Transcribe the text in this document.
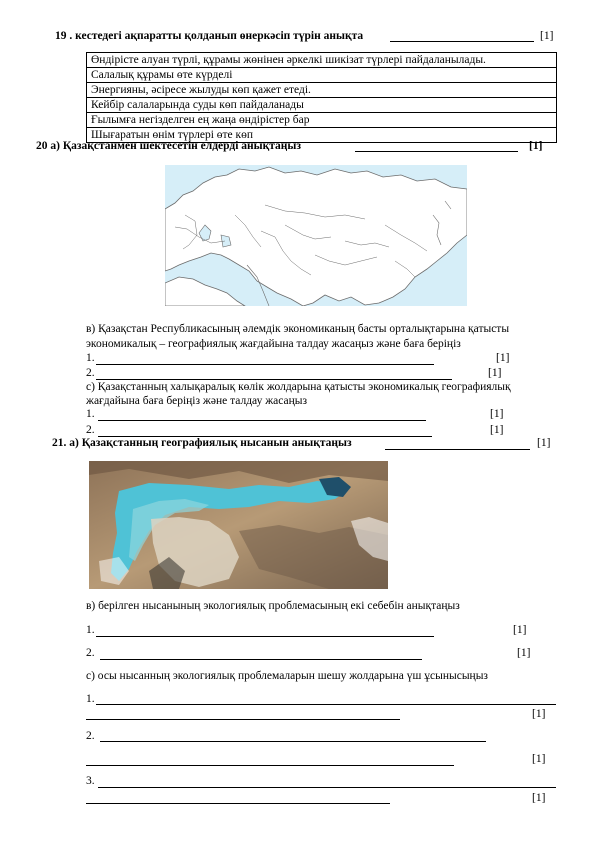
19 . кестедегі ақпаратты қолданып өнеркәсіп түрін анықта	[1]
Өндірісте алуан түрлі, құрамы жөнінен әркелкі шикізат түрлері пайдаланылады.
Салалық құрамы өте күрделі
Энергияны, әсіресе жылуды көп қажет етеді.
Кейбір салаларында суды көп пайдаланады
Ғылымға негізделген ең жаңа өндірістер бар
Шығаратын өнім түрлері өте көп
20 а) Қазақстанмен шектесетін елдерді анықтаңыз	[1]
в) Қазақстан Республикасының әлемдік экономиканың басты орталықтарына қатысты
экономикалық – географиялық жағдайына талдау жасаңыз және баға беріңіз
1.	[1]
2.	[1]
с) Қазақстанның халықаралық көлік жолдарына қатысты экономикалық географиялық
жағдайына баға беріңіз және талдау жасаңыз
1.	[1]
2.	[1]
21. а) Қазақстанның географиялық нысанын анықтаңыз	[1]
в) берілген нысанының экологиялық проблемасының екі себебін анықтаңыз
1.	[1]
2.	[1]
с) осы нысанның экологиялық проблемаларын шешу жолдарына үш ұсынысыңыз
1.
[1]
2.
[1]
3.
[1]
